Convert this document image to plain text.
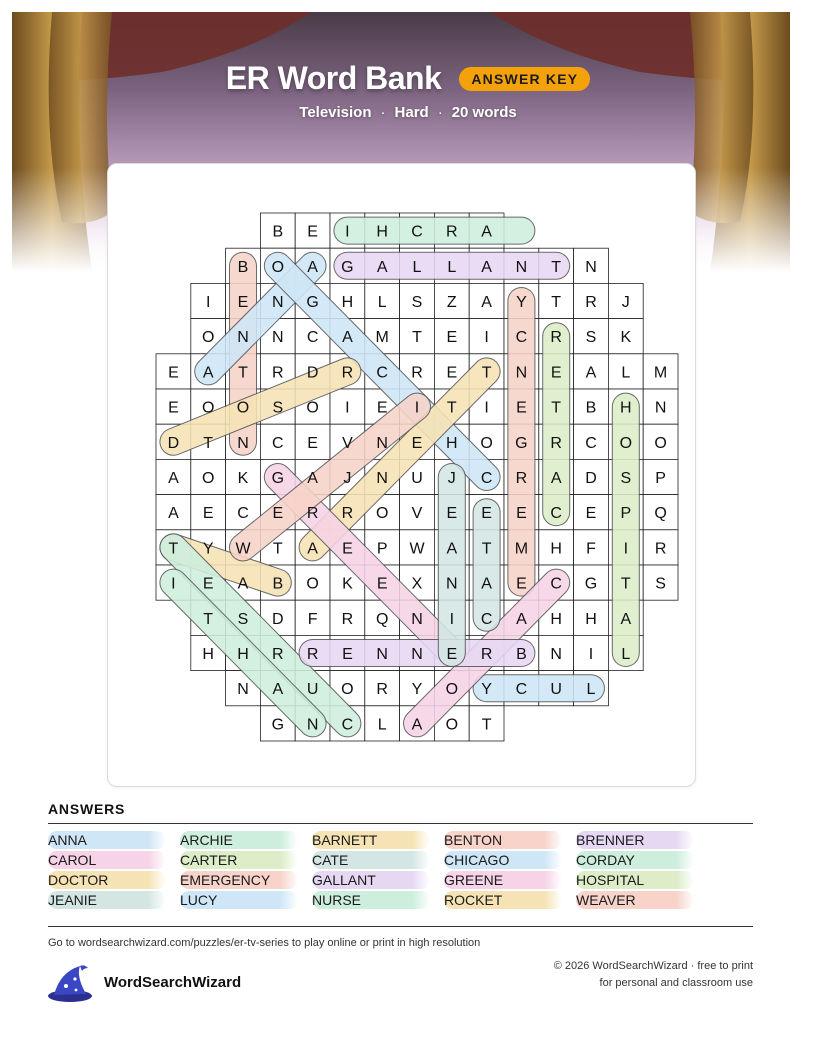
ER Word Bank ANSWER KEY
Television · Hard · 20 words
B E I H C R A
B O A G A L L A N T N
I E N G H L S Z A Y T R J
O N N C A M T E I C R S K
E A T R D R C R E T N E A L M
E O O S O I E I T I E T B H N
D T N C E V N E H O G R C O O
A O K G A J N U J C R A D S P
A E C E R R O V E E E C E P Q
T Y W T A E P W A T M H F I R
I E A B O K E X N A E C G T S
T S D F R Q N I C A H H A
H H R R E N N E R B N I L
N A U O R Y O Y C U L
G N C L A O T
ANSWERS
ANNA	ARCHIE	BARNETT	BENTON	BRENNER
CAROL	CARTER	CATE	CHICAGO	CORDAY
DOCTOR	EMERGENCY	GALLANT	GREENE	HOSPITAL
JEANIE	LUCY	NURSE	ROCKET	WEAVER
Go to wordsearchwizard.com/puzzles/er-tv-series to play online or print in high resolution
WordSearchWizard
© 2026 WordSearchWizard · free to print for personal and classroom use
